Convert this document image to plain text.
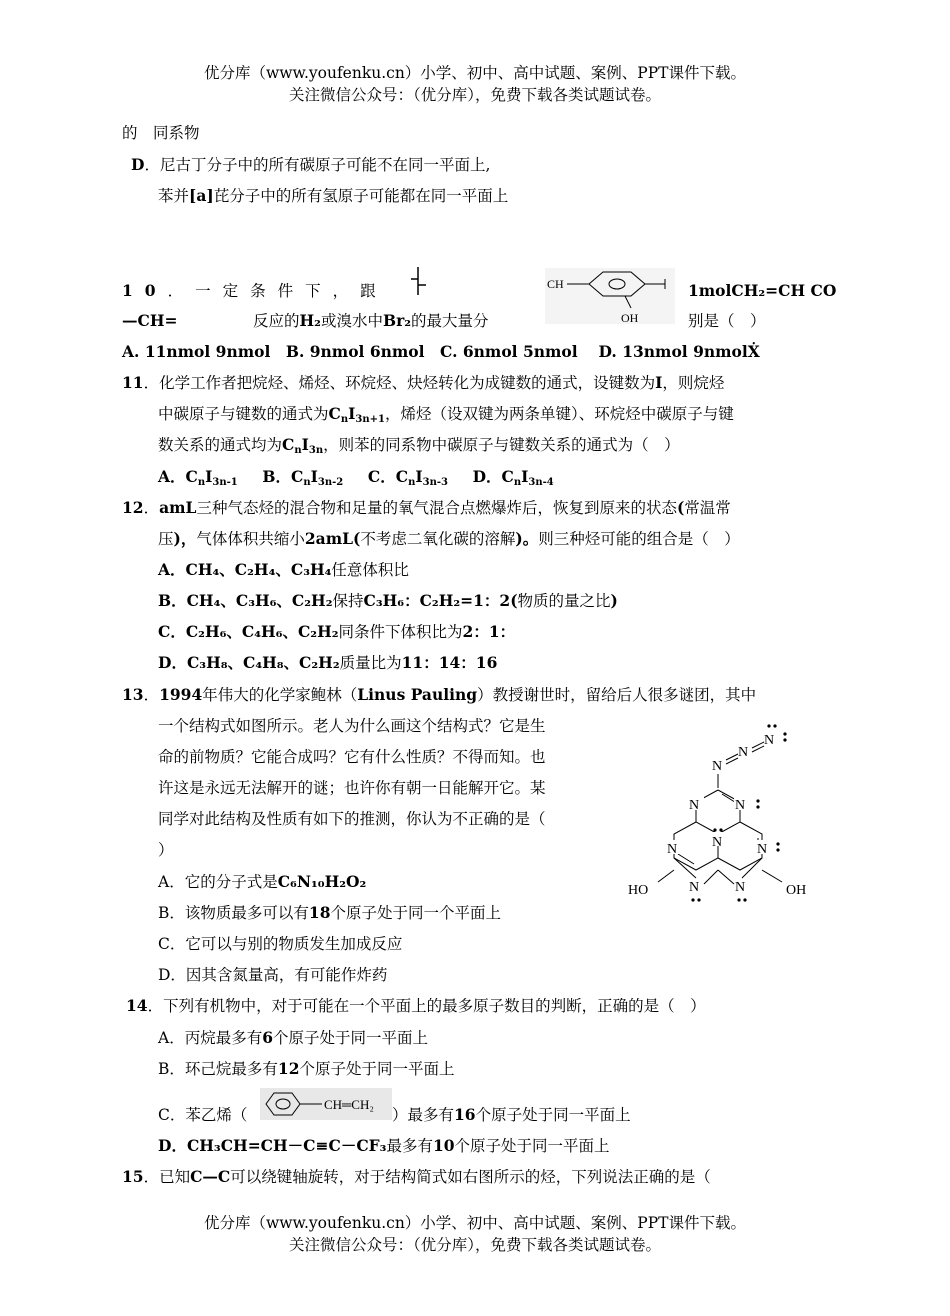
优分库（www.youfenku.cn）小学、初中、高中试题、案例、PPT课件下载。
关注微信公众号：（优分库），免费下载各类试题试卷。
的　同系物
D．尼古丁分子中的所有碳原子可能不在同一平面上,
苯并[a]芘分子中的所有氢原子可能都在同一平面上
10．一定条件下，跟	CH
OH
1molCH₂=CH CO
—CH=	反应的H₂或溴水中Br₂的最大量分	别是（　）
A. 11nmol 9nmol　B. 9nmol 6nmol　C. 6nmol 5nmol　 D. 13nmol 9nmolẊ
11．化学工作者把烷烃、烯烃、环烷烃、炔烃转化为成键数的通式，设键数为I，则烷烃
中碳原子与键数的通式为$C_nI_{3n+1}$，烯烃（设双键为两条单键）、环烷烃中碳原子与键
数关系的通式均为$C_nI_{3n}$，则苯的同系物中碳原子与键数关系的通式为（　）
A．$C_nI_{3n-1}$ B．$C_nI_{3n-2}$ C．$C_nI_{3n-3}$ D．$C_nI_{3n-4}$
12．amL三种气态烃的混合物和足量的氧气混合点燃爆炸后，恢复到原来的状态(常温常
压)，气体体积共缩小2amL(不考虑二氧化碳的溶解)。则三种烃可能的组合是（　）
A．CH₄、C₂H₄、C₃H₄任意体积比
B．CH₄、C₃H₆、C₂H₂保持C₃H₆：C₂H₂=1：2(物质的量之比)
C．C₂H₆、C₄H₆、C₂H₂同条件下体积比为2：1：
D．C₃H₈、C₄H₈、C₂H₂质量比为11：14：16
13．1994年伟大的化学家鲍林（Linus Pauling）教授谢世时，留给后人很多谜团，其中
一个结构式如图所示。老人为什么画这个结构式？它是生
命的前物质？它能合成吗？它有什么性质？不得而知。也
许这是永远无法解开的谜；也许你有朝一日能解开它。某
同学对此结构及性质有如下的推测，你认为不正确的是（
）
A．它的分子式是C₆N₁₀H₂O₂
B．该物质最多可以有18个原子处于同一个平面上
C．它可以与别的物质发生加成反应
D．因其含氮量高，有可能作炸药
N
N
N
N	N
N
N	N
N	N
HO	OH
14．下列有机物中，对于可能在一个平面上的最多原子数目的判断，正确的是（　）
A．丙烷最多有6个原子处于同一平面上
B．环己烷最多有12个原子处于同一平面上
C．苯乙烯（
CH═CH₂
）最多有16个原子处于同一平面上
D．CH₃CH=CH－C≡C－CF₃最多有10个原子处于同一平面上
15．已知C—C可以绕键轴旋转，对于结构简式如右图所示的烃，下列说法正确的是（
优分库（www.youfenku.cn）小学、初中、高中试题、案例、PPT课件下载。
关注微信公众号：（优分库），免费下载各类试题试卷。
